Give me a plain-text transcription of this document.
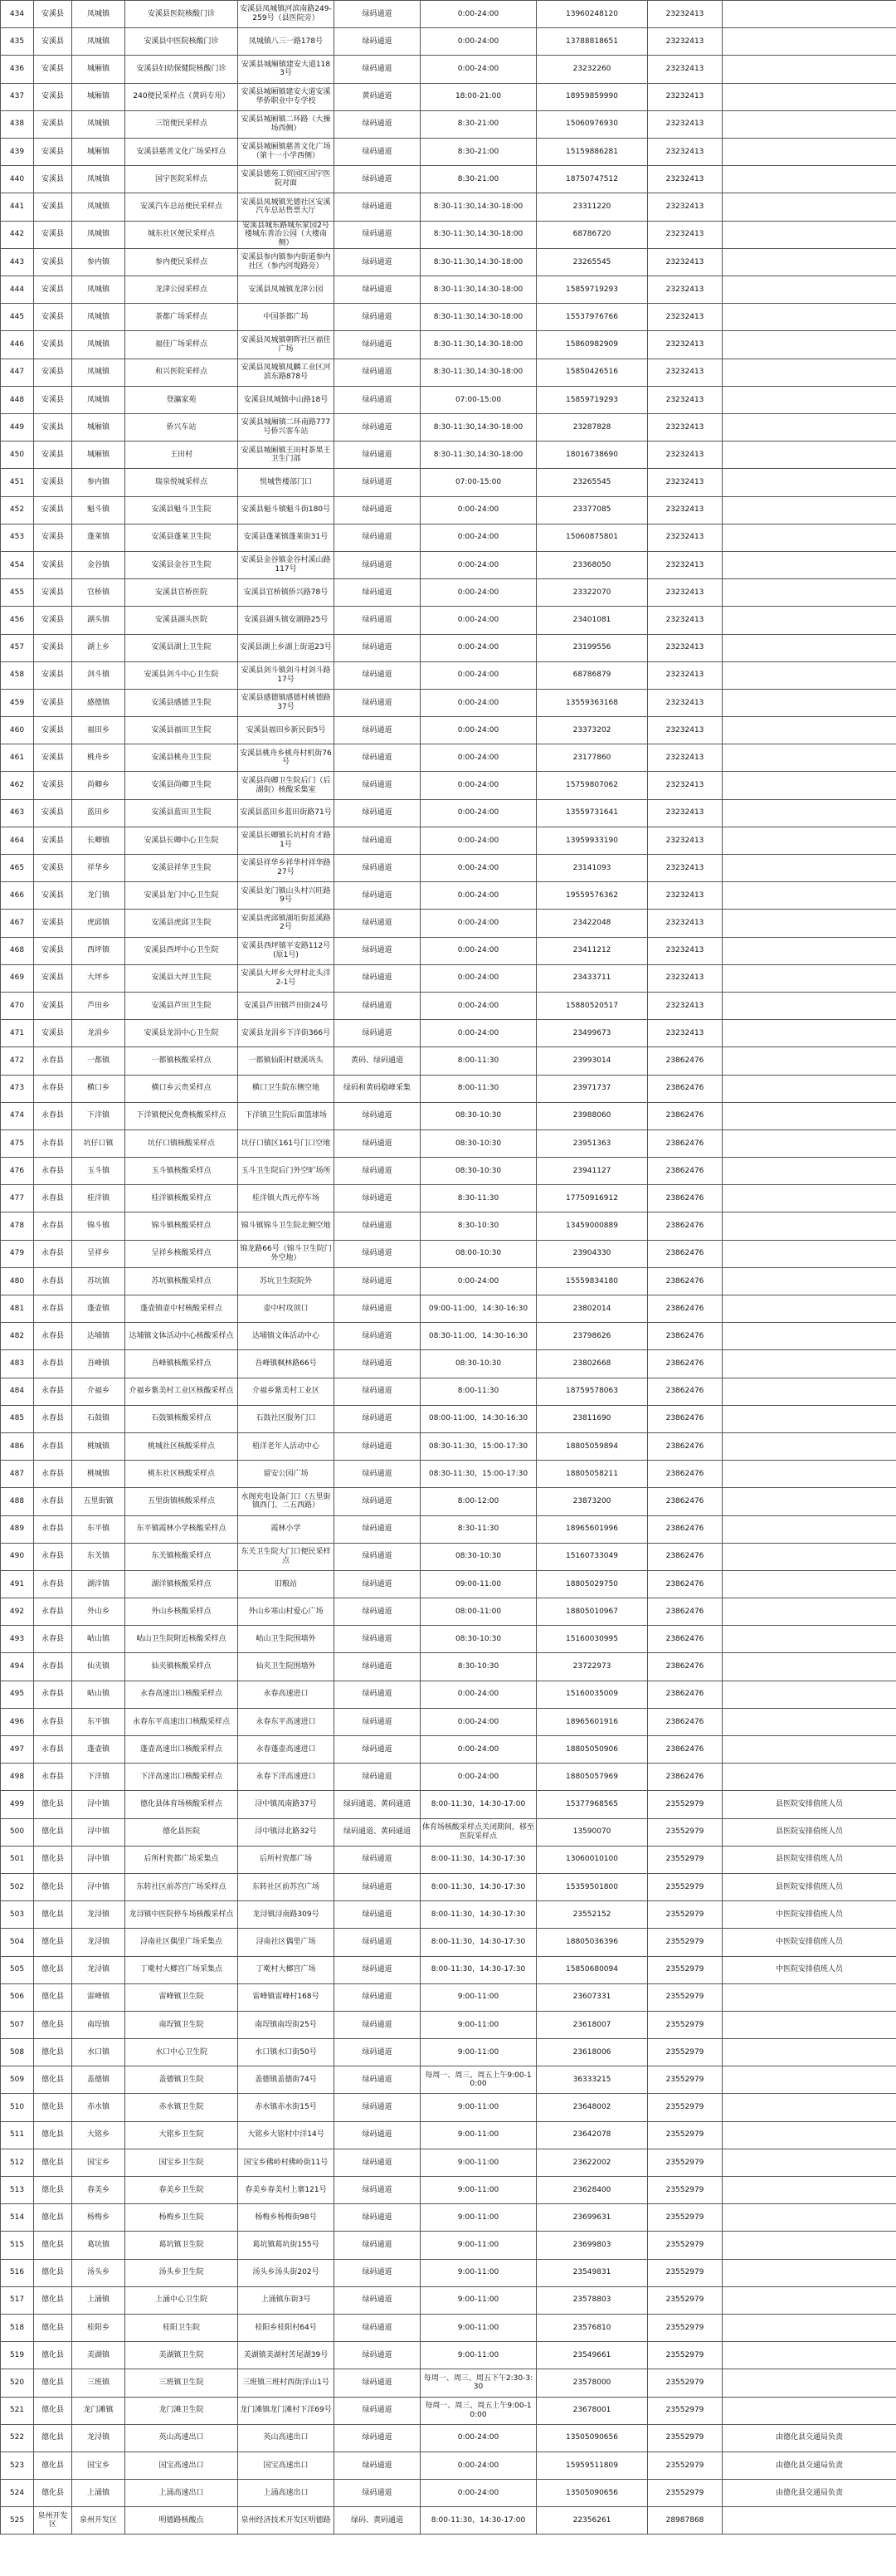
434	安溪县	凤城镇	安溪县医院核酸门诊	安溪县凤城镇河滨南路249-259号（县医院旁）	绿码通道	0:00-24:00	13960248120	23232413	
435	安溪县	凤城镇	安溪县中医院核酸门诊	凤城镇八三一路178号	绿码通道	0:00-24:00	13788818651	23232413	
436	安溪县	城厢镇	安溪县妇幼保健院核酸门诊	安溪县城厢镇建安大道1183号	绿码通道	0:00-24:00	23232260	23232413	
437	安溪县	城厢镇	240便民采样点（黄码专用）	安溪县城厢镇建安大道安溪华侨职业中专学校	黄码通道	18:00-21:00	18959859990	23232413	
438	安溪县	凤城镇	三馆便民采样点	安溪县城厢镇二环路（大操场西侧）	绿码通道	8:30-21:00	15060976930	23232413	
439	安溪县	城厢镇	安溪县慈善文化广场采样点	安溪县城厢镇慈善文化广场（第十一小学西侧）	绿码通道	8:30-21:00	15159886281	23232413	
440	安溪县	凤城镇	国宇医院采样点	安溪县德苑工贸园区国宇医院对面	绿码通道	8:30-21:00	18750747512	23232413	
441	安溪县	凤城镇	安溪汽车总站便民采样点	安溪县凤城镇光德社区安溪汽车总站售票大厅	绿码通道	8:30-11:30,14:30-18:00	23311220	23232413	
442	安溪县	凤城镇	城东社区便民采样点	安溪县城东路城东家园2号楼城东善治公园（大楼南侧）	绿码通道	8:30-11:30,14:30-18:00	68786720	23232413	
443	安溪县	参内镇	参内便民采样点	安溪县参内镇参内街道参内社区（参内河堤路旁）	绿码通道	8:30-11:30,14:30-18:00	23265545	23232413	
444	安溪县	凤城镇	龙津公园采样点	安溪县凤城镇龙津公园	绿码通道	8:30-11:30,14:30-18:00	15859719293	23232413	
445	安溪县	凤城镇	茶都广场采样点	中国茶都广场	绿码通道	8:30-11:30,14:30-18:00	15537976766	23232413	
446	安溪县	凤城镇	福佳广场采样点	安溪县凤城镇朝晖社区福佳广场	绿码通道	8:30-11:30,14:30-18:00	15860982909	23232413	
447	安溪县	凤城镇	和兴医院采样点	安溪县凤城镇凤麟工业区河滨东路878号	绿码通道	8:30-11:30,14:30-18:00	15850426516	23232413	
448	安溪县	凤城镇	登瀛家苑	安溪县凤城镇中山路18号	绿码通道	07:00-15:00	15859719293	23232413	
449	安溪县	城厢镇	侨兴车站	安溪县城厢镇二环南路777号侨兴客车站	绿码通道	8:30-11:30,14:30-18:00	23287828	23232413	
450	安溪县	城厢镇	王田村	安溪县城厢镇王田村茶果王卫生门部	绿码通道	8:30-11:30,14:30-18:00	18016738690	23232413	
451	安溪县	参内镇	瑞泉悦城采样点	悦城售楼部门口	绿码通道	07:00-15:00	23265545	23232413	
452	安溪县	魁斗镇	安溪县魁斗卫生院	安溪县魁斗镇魁斗街180号	绿码通道	0:00-24:00	23377085	23232413	
453	安溪县	蓬莱镇	安溪县蓬莱卫生院	安溪县蓬莱镇蓬莱街31号	绿码通道	0:00-24:00	15060875801	23232413	
454	安溪县	金谷镇	安溪县金谷卫生院	安溪县金谷镇金谷村溪山路117号	绿码通道	0:00-24:00	23368050	23232413	
455	安溪县	官桥镇	安溪县官桥医院	安溪县官桥镇侨兴路78号	绿码通道	0:00-24:00	23322070	23232413	
456	安溪县	湖头镇	安溪县湖头医院	安溪县湖头镇安湖路25号	绿码通道	0:00-24:00	23401081	23232413	
457	安溪县	湖上乡	安溪县湖上卫生院	安溪县湖上乡湖上街道23号	绿码通道	0:00-24:00	23199556	23232413	
458	安溪县	剑斗镇	安溪县剑斗中心卫生院	安溪县剑斗镇剑斗村剑斗路17号	绿码通道	0:00-24:00	68786879	23232413	
459	安溪县	感德镇	安溪县感德卫生院	安溪县感德镇感德村桃德路37号	绿码通道	0:00-24:00	13559363168	23232413	
460	安溪县	福田乡	安溪县福田卫生院	安溪县福田乡新民街5号	绿码通道	0:00-24:00	23373202	23232413	
461	安溪县	桃舟乡	安溪县桃舟卫生院	安溪县桃舟乡桃舟村机街76号	绿码通道	0:00-24:00	23177860	23232413	
462	安溪县	尚卿乡	安溪县尚卿卫生院	安溪县尚卿卫生院后门（后湖街）核酸采集室	绿码通道	0:00-24:00	15759807062	23232413	
463	安溪县	蓝田乡	安溪县蓝田卫生院	安溪县蓝田乡蓝田街路71号	绿码通道	0:00-24:00	13559731641	23232413	
464	安溪县	长卿镇	安溪县长卿中心卫生院	安溪县长卿镇长坑村育才路1号	绿码通道	0:00-24:00	13959933190	23232413	
465	安溪县	祥华乡	安溪县祥华卫生院	安溪县祥华乡祥华村祥华路27号	绿码通道	0:00-24:00	23141093	23232413	
466	安溪县	龙门镇	安溪县龙门中心卫生院	安溪县龙门镇山头村兴旺路9号	绿码通道	0:00-24:00	19559576362	23232413	
467	安溪县	虎邱镇	安溪县虎邱卫生院	安溪县虎邱镇湖坵街蓝溪路2号	绿码通道	0:00-24:00	23422048	23232413	
468	安溪县	西坪镇	安溪县西坪中心卫生院	安溪县西坪镇平安路112号(原1号)	绿码通道	0:00-24:00	23411212	23232413	
469	安溪县	大坪乡	安溪县大坪卫生院	安溪县大坪乡大坪村北头洋2-1号	绿码通道	0:00-24:00	23433711	23232413	
470	安溪县	芦田乡	安溪县芦田卫生院	安溪县芦田镇芦田街24号	绿码通道	0:00-24:00	15880520517	23232413	
471	安溪县	龙涓乡	安溪县龙涓中心卫生院	安溪县龙涓乡下洋街366号	绿码通道	0:00-24:00	23499673	23232413	
472	永春县	一都镇	一都镇核酸采样点	一都镇仙阳村塘溪巩头	黄码、绿码通道	8:00-11:30	23993014	23862476	
473	永春县	横口乡	横口乡云贵采样点	横口卫生院东侧空地	绿码和黄码稳峰采集	8:00-11:30	23971737	23862476	
474	永春县	下洋镇	下洋镇便民免费核酸采样点	下洋镇卫生院后面篮球场	绿码通道	08:30-10:30	23988060	23862476	
475	永春县	坑仔口镇	坑仔口镇核酸采样点	坑仔口镇区161号门口空地	绿码通道	08:30-10:30	23951363	23862476	
476	永春县	玉斗镇	玉斗镇核酸采样点	玉斗卫生院后门外空旷场所	绿码通道	08:30-10:30	23941127	23862476	
477	永春县	桂洋镇	桂洋镇核酸采样点	桂洋镇大西元停车场	绿码通道	8:30-11:30	17750916912	23862476	
478	永春县	锦斗镇	锦斗镇核酸采样点	锦斗镇锦斗卫生院北侧空地	绿码通道	8:30-10:30	13459000889	23862476	
479	永春县	呈祥乡	呈祥乡核酸采样点	锦龙路66号（锦斗卫生院门外空地）	绿码通道	08:00-10:30	23904330	23862476	
480	永春县	苏坑镇	苏坑镇核酸采样点	苏坑卫生院院外	绿码通道	0:00-24:00	15559834180	23862476	
481	永春县	蓬壶镇	蓬壶镇壶中村核酸采样点	壶中村攻顶口	绿码通道	09:00-11:00，14:30-16:30	23802014	23862476	
482	永春县	达埔镇	达埔镇文体活动中心核酸采样点	达埔镇文体活动中心	绿码通道	08:30-11:00，14:30-16:30	23798626	23862476	
483	永春县	吾峰镇	吾峰镇核酸采样点	吾峰镇枫林路66号	绿码通道	08:30-10:30	23802668	23862476	
484	永春县	介福乡	介福乡紫美村工业区核酸采样点	介福乡紫美村工业区	绿码通道	8:00-11:30	18759578063	23862476	
485	永春县	石鼓镇	石鼓镇核酸采样点	石鼓社区服务门口	绿码通道	08:00-11:00，14:30-16:30	23811690	23862476	
486	永春县	桃城镇	桃城社区核酸采样点	梧洋老年人活动中心	绿码通道	08:30-11:30，15:00-17:30	18805059894	23862476	
487	永春县	桃城镇	桃东社区核酸采样点	留安公园广场	绿码通道	08:30-11:30，15:00-17:30	18805058211	23862476	
488	永春县	五里街镇	五里街镇核酸采样点	水阁充电设备门口（五里街镇西门、二五西路）	绿码通道	8:00-12:00	23873200	23862476	
489	永春县	东平镇	东平镇霞林小学核酸采样点	霞林小学	绿码通道	8:30-11:30	18965601996	23862476	
490	永春县	东关镇	东关镇核酸采样点	东关卫生院大门口便民采样点	绿码通道	08:30-10:30	15160733049	23862476	
491	永春县	湖洋镇	湖洋镇核酸采样点	旧粮站	绿码通道	09:00-11:00	18805029750	23862476	
492	永春县	外山乡	外山乡核酸采样点	外山乡寒山村爱心广场	绿码通道	08:00-11:00	18805010967	23862476	
493	永春县	岵山镇	岵山卫生院附近核酸采样点	岵山卫生院围墙外	绿码通道	08:30-10:30	15160030995	23862476	
494	永春县	仙夹镇	仙夹镇核酸采样点	仙夹卫生院围墙外	绿码通道	8:30-10:30	23722973	23862476	
495	永春县	岵山镇	永春高速出口核酸采样点	永春高速进口	绿码通道	0:00-24:00	15160035009	23862476	
496	永春县	东平镇	永春东平高速出口核酸采样点	永春东平高速进口	绿码通道	0:00-24:00	18965601916	23862476	
497	永春县	蓬壶镇	蓬壶高速出口核酸采样点	永春蓬壶高速进口	绿码通道	0:00-24:00	18805050906	23862476	
498	永春县	下洋镇	下洋高速出口核酸采样点	永春下洋高速进口	绿码通道	0:00-24:00	18805057969	23862476	
499	德化县	浔中镇	德化县体育场核酸采样点	浔中镇凤南路37号	绿码通道、黄码通道	8:00-11:30，14:30-17:00	15377968565	23552979	县医院安排值班人员
500	德化县	浔中镇	德化县医院	浔中镇浔北路32号	绿码通道、黄码通道	体育场核酸采样点关闭期间，移至医院采样点	13590070	23552979	县医院安排值班人员
501	德化县	浔中镇	后所村瓷都广场采集点	后所村瓷都广场	绿码通道	8:00-11:30，14:30-17:30	13060010100	23552979	县医院安排值班人员
502	德化县	浔中镇	东转社区前苏宫广场采样点	东转社区前苏宫广场	绿码通道	8:00-11:30，14:30-17:30	15359501800	23552979	县医院安排值班人员
503	德化县	龙浔镇	龙浔镇中医院停车场核酸采样点	龙浔镇浔南路309号	绿码通道	8:00-11:30，14:30-17:30	23552152	23552979	中医院安排值班人员
504	德化县	龙浔镇	浔南社区偶里广场采集点	浔南社区偶里广场	绿码通道	8:00-11:30，14:30-17:30	18805036396	23552979	中医院安排值班人员
505	德化县	龙浔镇	丁墘村大榔宫广场采集点	丁墘村大榔宫广场	绿码通道	8:00-11:30，14:30-17:30	15850680094	23552979	中医院安排值班人员
506	德化县	雷峰镇	雷峰镇卫生院	雷峰镇雷峰村168号	绿码通道	9:00-11:00	23607331	23552979	
507	德化县	南埕镇	南埕镇卫生院	南埕镇南埕街25号	绿码通道	9:00-11:00	23618007	23552979	
508	德化县	水口镇	水口中心卫生院	水口镇水口街50号	绿码通道	9:00-11:00	23618006	23552979	
509	德化县	盖德镇	盖德镇卫生院	盖德镇盖德街74号	绿码通道	每周一、周三、周五上午9:00-10:00	36333215	23552979	
510	德化县	赤水镇	赤水镇卫生院	赤水镇赤水街15号	绿码通道	9:00-11:00	23648002	23552979	
511	德化县	大铭乡	大铭乡卫生院	大铭乡大铭村中洋14号	绿码通道	9:00-11:00	23642078	23552979	
512	德化县	国宝乡	国宝乡卫生院	国宝乡佛岭村佛岭街11号	绿码通道	9:00-11:00	23622002	23552979	
513	德化县	春美乡	春美乡卫生院	春美乡春美村上寨121号	绿码通道	9:00-11:00	23628400	23552979	
514	德化县	杨梅乡	杨梅乡卫生院	杨梅乡杨梅街98号	绿码通道	9:00-11:00	23699631	23552979	
515	德化县	葛坑镇	葛坑镇卫生院	葛坑镇葛坑街155号	绿码通道	9:00-11:00	23699803	23552979	
516	德化县	汤头乡	汤头乡卫生院	汤头乡汤头街202号	绿码通道	9:00-11:00	23549831	23552979	
517	德化县	上涌镇	上涌中心卫生院	上涌镇东街3号	绿码通道	9:00-11:00	23578803	23552979	
518	德化县	桂阳乡	桂阳卫生院	桂阳乡桂阳村64号	绿码通道	9:00-11:00	23576810	23552979	
519	德化县	美湖镇	美湖镇卫生院	美湖镇美湖村苦尾湖39号	绿码通道	9:00-11:00	23549661	23552979	
520	德化县	三班镇	三班镇卫生院	三班镇三班村西街洋山1号	绿码通道	每周一、周三、周五下午2:30-3:30	23578000	23552979	
521	德化县	龙门滩镇	龙门滩卫生院	龙门滩镇龙门滩村下洋69号	绿码通道	每周一、周三、周五上午9:00-10:00	23678001	23552979	
522	德化县	龙浔镇	英山高速出口	英山高速出口	绿码通道	0:00-24:00	13505090656	23552979	由德化县交通局负责
523	德化县	国宝乡	国宝高速出口	国宝高速出口	绿码通道	0:00-24:00	15959511809	23552979	由德化县交通局负责
524	德化县	上涌镇	上涌高速出口	上涌高速出口	绿码通道	0:00-24:00	13505090656	23552979	由德化县交通局负责
525	泉州开发区	泉州开发区	明德路核酸点	泉州经济技术开发区明德路	绿码、黄码通道	8:00-11:30，14:30-17:00	22356261	28987868	
